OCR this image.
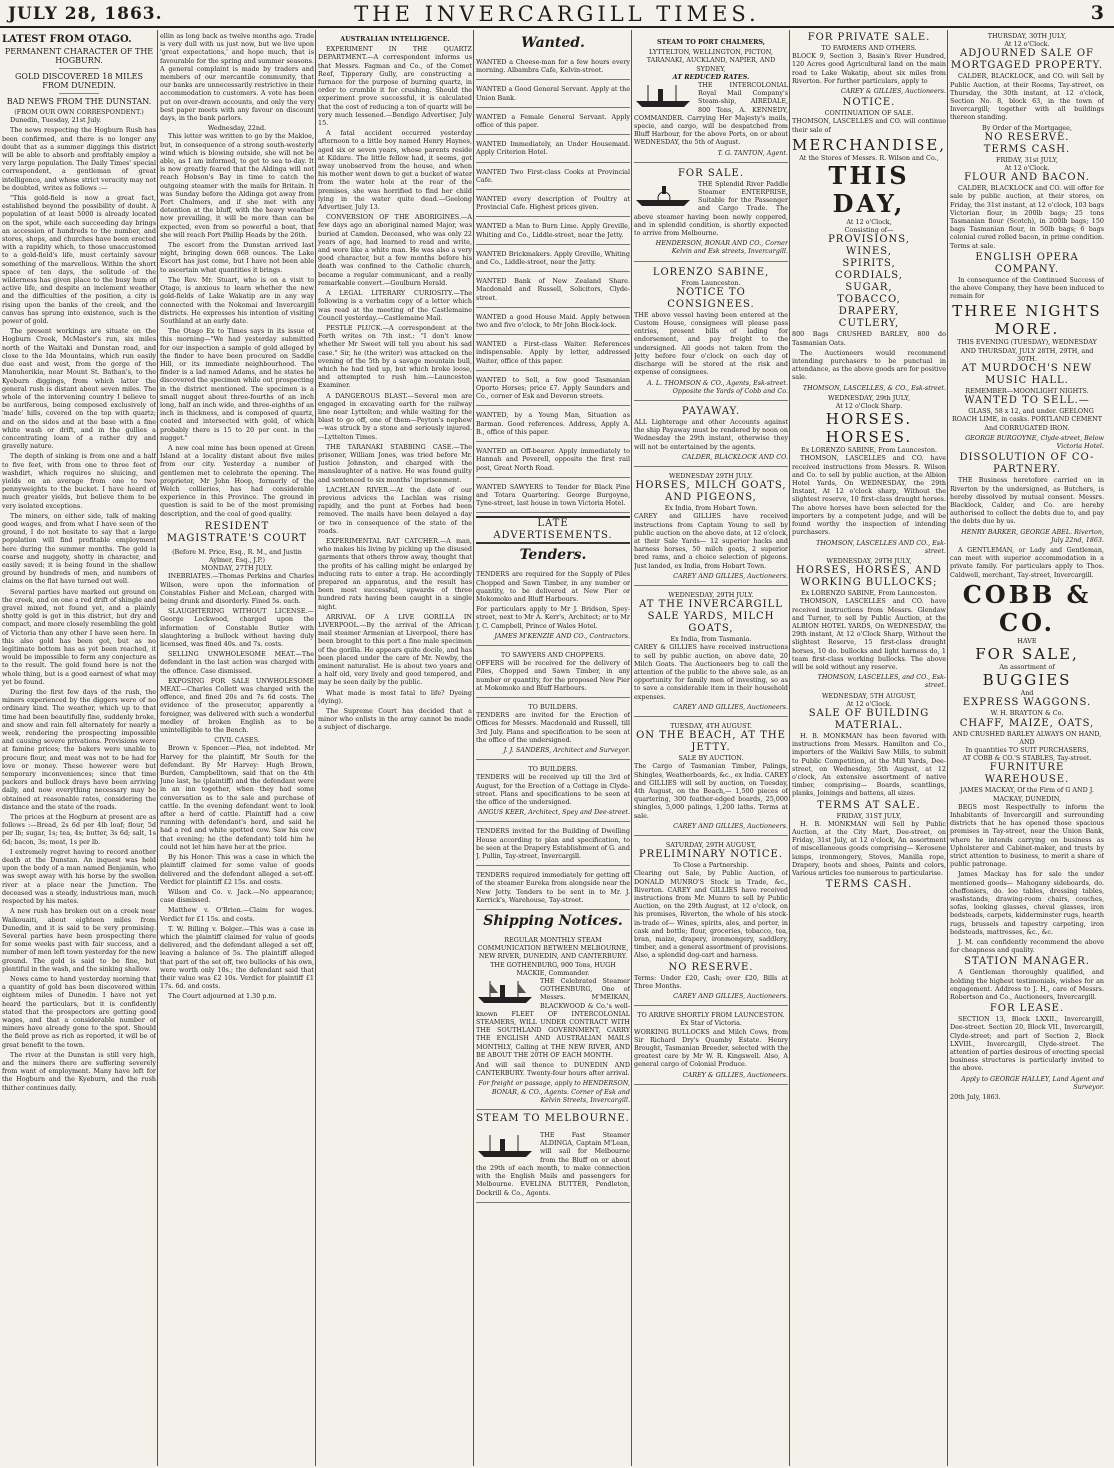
JULY 28, 1863.	THE INVERCARGILL TIMES.	3
LATEST FROM OTAGO.
PERMANENT CHARACTER OF THE HOGBURN.
GOLD DISCOVERED 18 MILES FROM DUNEDIN.
BAD NEWS FROM THE DUNSTAN.
(FROM OUR OWN CORRESPONDENT.)

Dunedin, Tuesday, 21st July.

The news respecting the Hogburn Rush has been confirmed, and there is no longer any doubt that as a summer diggings this district will be able to absorb and profitably employ a very large population. The Daily Times' special correspondent, a gentleman of great intelligence, and whose strict veracity may not be doubted, writes as follows :—

"This gold-field is now a great fact, established beyond the possibility of doubt. A population of at least 5000 is already located on the spot, while each succeeding day brings an accession of hundreds to the number, and stores, shops, and churches have been erected with a rapidity which, to those unaccustomed to a gold-field's life, must certainly savour something of the marvellous. Within the short space of ten days, the solitude of the wilderness has given place to the busy hum of active life, and despite an inclement weather and the difficulties of the position, a city is rising upon the banks of the creek, and the canvas has sprung into existence, such is the power of gold.

The present workings are situate on the Hogburn Creek, McMaster's run, six miles north of the Waitaki and Dunstan road, and close to the Ida Mountains, which run easily due east and west, from the gorge of the Manuherikia, near Mount St. Bathan's, to the Kyeburn diggings, from which latter the general rush is distant about seven miles. The whole of the intervening country I believe to be auriferous, being composed exclusively of 'made' hills, covered on the top with quartz; and on the sides and at the base with a fine white wash or drift, and in the gullies a concentrating loam of a rather dry and gravelly nature.

The depth of sinking is from one and a half to five feet, with from one to three feet of washdirt, which requires no sluicing, and yields on an average from one to two pennyweights to the bucket. I have heard of much greater yields, but believe them to be very isolated exceptions.

The miners, on either side, talk of making good wages, and from what I have seen of the ground, I do not hesitate to say that a large population will find profitable employment here during the summer months. The gold is coarse and nuggety, shotty in character, and easily saved; it is being found in the shallow ground by hundreds of men, and numbers of claims on the flat have turned out well.

Several parties have marked out ground on the creek, and on one a red drift of shingle and gravel mixed, not found yet, and a plainly shotty gold is got in this district, but dry and compact, and more closely resembling the gold of Victoria than any other I have seen here. In this also gold has been got, but as no legitimate bottom has as yet been reached, it would be impossible to form any conjecture as to the result. The gold found here is not the whole thing, but is a good earnest of what may yet be found.

During the first few days of the rush, the miners experienced by the diggers were of no ordinary kind. The weather, which up to that time had been beautifully fine, suddenly broke, and snow and rain fell alternately for nearly a week, rendering the prospecting impossible and causing severe privations. Provisions were at famine prices; the bakers were unable to procure flour, and meat was not to be had for love or money. These however were but temporary inconveniences; since that time packers and bullock drays have been arriving daily, and now everything necessary may be obtained at reasonable rates, considering the distance and the state of the roads.

The prices at the Hogburn at present are as follows :—Bread, 2s 6d per 4lb loaf; flour, 5d per lb; sugar, 1s; tea, 4s; butter, 3s 6d; salt, 1s 6d; bacon, 3s; meat, 1s per lb.

I extremely regret having to record another death at the Dunstan. An inquest was held upon the body of a man named Benjamin, who was swept away with his horse by the swollen river at a place near the Junction. The deceased was a steady, industrious man, much respected by his mates.

A new rush has broken out on a creek near Waikouaiti, about eighteen miles from Dunedin, and it is said to be very promising. Several parties have been prospecting there for some weeks past with fair success, and a number of men left town yesterday for the new ground. The gold is said to be fine, but plentiful in the wash, and the sinking shallow.

News came to hand yesterday morning that a quantity of gold has been discovered within eighteen miles of Dunedin. I have not yet heard the particulars, but it is confidently stated that the prospectors are getting good wages, and that a considerable number of miners have already gone to the spot. Should the field prove as rich as reported, it will be of great benefit to the town.

The river at the Dunstan is still very high, and the miners there are suffering severely from want of employment. Many have left for the Hogburn and the Kyeburn, and the rush thither continues daily.

ellin as long back as twelve months ago. Trade is very dull with us just now, but we live upon 'great expectations,' and hope much, that is favourable for the spring and summer seasons. A general complaint is made by traders and members of our mercantile community, that our banks are unnecessarily restrictive in their accommodation to customers. A vote has been put on over-drawn accounts, and only the very best paper meets with any favour on discount days, in the bank parlors.

Wednesday, 22nd.

This letter was written to go by the Makloe, but, in consequence of a strong south-westerly wind which is blowing outside, she will not be able, as I am informed, to get to sea to-day. It is now greatly feared that the Aldinga will not reach Hobson's Bay in time to catch the outgoing steamer with the mails for Britain. It was Sunday before the Aldinga got away from Port Chalmers, and if she met with any detention at the bluff, with the heavy weather now prevailing, it will be more than can be expected, even from so powerful a boat, that she will reach Port Phillip Heads by the 26th.

The escort from the Dunstan arrived last night, bringing down 668 ounces. The Lake Escort has just come, but I have not been able to ascertain what quantities it brings.

The Rev. Mr. Stuart, who is on a visit to Otago, is anxious to learn whether the new gold-fields of Lake Wakatip are in any way connected with the Nokomai and Invercargill districts. He expresses his intention of visiting Southland at an early date.

The Otago Ex to Times says in its issue of this morning—"We had yesterday submitted for our inspection a sample of gold alleged by the finder to have been procured on Saddle Hill, or its immediate neighbourhood. The finder is a lad named Adams, and he states he discovered the specimen while out prospecting in the district mentioned. The specimen is a small nugget about three-fourths of an inch long, half an inch wide, and three-eighths of an inch in thickness, and is composed of quartz, coated and intersected with gold, of which probably there is 15 to 20 per cent. in the nugget."

A new coal mine has been opened at Green Island at a locality distant about five miles from our city. Yesterday a number of gentlemen met to celebrate the opening. The proprietor, Mr John Hoop, formerly of the Welch collieries, has had considerable experience in this Province. The ground in question is said to be of the most promising description, and the coal of good quality.

RESIDENT MAGISTRATE'S COURT
(Before M. Price, Esq., R. M., and Justin Aylmer, Esq., J.P.)
MONDAY, 27TH JULY.

INEBRIATES.—Thomas Perkins and Charles Wilson, were upon the information of Constables Fisher and McLean, charged with being drunk and disorderly. Fined 5s. each.

SLAUGHTERING WITHOUT LICENSE.—George Lockwood, charged upon the information of Constable Butler with slaughtering a bullock without having duly licensed, was fined 40s. and 7s. costs.

SELLING UNWHOLESOME MEAT.—The defendant in the last action was charged with the offence. Case dismissed.

EXPOSING FOR SALE UNWHOLESOME MEAT.—Charles Collett was charged with the offence, and fined 20s and 7s 6d costs. The evidence of the prosecutor, apparently a foreigner, was delivered with such a wonderful medley of broken English as to be unintelligible to the Bench.

CIVIL CASES.

Brown v. Spencer.—Plea, not indebted. Mr Harvey for the plaintiff, Mr South for the defendant. By Mr Harvey: Hugh Brown, Burden, Campbelltown, said that on the 4th June last, he (plaintiff) and the defendant were in an inn together, when they had some conversation as to the sale and purchase of cattle. In the evening defendant went to look after a herd of cattle. Plaintiff had a cow running with defendant's herd, and said he had a red and white spotted cow. Saw his cow that evening; he (the defendant) told him he could not let him have her at the price.

By his Honor: This was a case in which the plaintiff claimed for some value of goods delivered and the defendant alleged a set-off. Verdict for plaintiff £2 15s. and costs.

Wilson and Co. v. Jack.—No appearance; case dismissed.

Matthew v. O'Brien.—Claim for wages. Verdict for £1 15s. and costs.

T. W. Billing v. Bolger.—This was a case in which the plaintiff claimed for value of goods delivered, and the defendant alleged a set off, leaving a balance of 5s. The plaintiff alleged that part of the set off, two bullocks of his own, were worth only 10s.; the defendant said that their value was £2 10s. Verdict for plaintiff £1 17s. 6d. and costs.

The Court adjourned at 1.30 p.m.

AUSTRALIAN INTELLIGENCE.

EXPERIMENT IN THE QUARTZ DEPARTMENT.—A correspondent informs us that Messrs. Fagman and Co., of the Comet Reef, Tipperary Gully, are constructing a furnace for the purpose of burning quartz, in order to crumble it for crushing. Should the experiment prove successful, it is calculated that the cost of reducing a ton of quartz will be very much lessened.—Bendigo Advertiser, July 15.

A fatal accident occurred yesterday afternoon to a little boy named Henry Haynes, aged six or seven years, whose parents reside at Kildare. The little fellow had, it seems, got away unobserved from the house, and when his mother went down to get a bucket of water from the water hole at the rear of the premises, she was horrified to find her child lying in the water quite dead.—Geelong Advertiser, July 13.

CONVERSION OF THE ABORIGINES.—A few days ago an aboriginal named Major, was buried at Camden. Deceased, who was only 22 years of age, had learned to read and write, and wore like a white man. He was also a very good character, but a few months before his death was confined to the Catholic church, became a regular communicant, and a really remarkable convert.—Goulburn Herald.

A LEGAL LITERARY CURIOSITY.—The following is a verbatim copy of a letter which was read at the meeting of the Castlemaine Council yesterday.—Castlemaine Mail.

PESTLE PLUCK.—A correspondent at the Forth writes on 7th inst.: "I don't know whether Mr Sweet will tell you about his sad case." Sir, he (the writer) was attacked on the evening of the 5th by a savage mountain bull, which he had tied up, but which broke loose, and attempted to rush him.—Launceston Examiner.

A DANGEROUS BLAST.—Several men are engaged in excavating earth for the railway line near Lyttelton; and while waiting for the blast to go off, one of them—Peyton's nephew—was struck by a stone and seriously injured.—Lyttelton Times.

THE TARANAKI STABBING CASE.—The prisoner, William Jones, was tried before Mr. Justice Johnston, and charged with the manslaughter of a native. He was found guilty and sentenced to six months' imprisonment.

LACHLAN RIVER.—At the date of our previous advices the Lachlan was rising rapidly, and the punt at Forbes had been removed. The mails have been delayed a day or two in consequence of the state of the roads.

EXPERIMENTAL RAT CATCHER.—A man, who makes his living by picking up the disused garments that others throw away, thought that the profits of his calling might be enlarged by inducing rats to enter a trap. He accordingly prepared an apparatus, and the result has been most successful, upwards of three hundred rats having been caught in a single night.

ARRIVAL OF A LIVE GORILLA IN LIVERPOOL.—By the arrival of the African mail steamer Armenian at Liverpool, there has been brought to this port a fine male specimen of the gorilla. He appears quite docile, and has been placed under the care of Mr. Newby, the eminent naturalist. He is about two years and a half old, very lively and good tempered, and may be seen daily by the public.

What made is most fatal to life? Dyeing (dying).

The Supreme Court has decided that a minor who enlists in the army cannot be made a subject of discharge.

Wanted.

WANTED a Cheese-man for a few hours every morning. Albambra Cafe, Kelvin-street.

WANTED a Good General Servant. Apply at the Union Bank.

WANTED a Female General Servant. Apply office of this paper.

WANTED Immediately, an Under Housemaid. Apply Criterion Hotel.

WANTED Two First-class Cooks at Provincial Cafe.

WANTED every description of Poultry at Provincial Cafe. Highest prices given.

WANTED a Man to Burn Lime. Apply Greville, Whiting and Co., Liddle-street, near the Jetty.

WANTED Brickmakers. Apply Greville, Whiting and Co., Liddle-street, near the Jetty.

WANTED Bank of New Zealand Share. Macdonald and Russell, Solicitors, Clyde-street.

WANTED a good House Maid. Apply between two and five o'clock, to Mr John Block-lock.

WANTED a First-class Waiter. References indispensable. Apply by letter, addressed Waiter, office of this paper.

WANTED to Sell, a few good Tasmanian Oporto Horses; price £7. Apply Saunders and Co., corner of Esk and Deveron streets.

WANTED, by a Young Man, Situation as Barman. Good references. Address, Apply A. B., office of this paper.

WANTED an Off-bearer. Apply immediately to Hannah and Peverell, opposite the first rail post, Great North Road.

WANTED SAWYERS to Tender for Black Pine and Totara Quartering. George Burgoyne, Tyne-street, last house in town Victoria Hotel.

LATE ADVERTISEMENTS.
Tenders.

TENDERS are required for the Supply of Piles Chopped and Sawn Timber, in any number or quantity, to be delivered at New Pier or Mokomoko and Bluff Harbours.

For particulars apply to Mr J. Bridson, Spey-street, next to Mr A. Kerr's, Architect; or to Mr J. C. Campbell, Prince of Wales Hotel.

JAMES M'KENZIE AND CO., Contractors.

TO SAWYERS AND CHOPPERS.

OFFERS will be received for the delivery of Piles, Chopped and Sawn Timber, in any number or quantity, for the proposed New Pier at Mokomoko and Bluff Harbours.

TO BUILDERS.

TENDERS are invited for the Erection of Offices for Messrs. Macdonald and Russell, till 3rd July. Plans and specification to be seen at the office of the undersigned.

J. J. SANDERS, Architect and Surveyor.

TO BUILDERS.

TENDERS will be received up till the 3rd of August, for the Erection of a Cottage in Clyde-street. Plans and specifications to be seen at the office of the undersigned.

ANGUS KEER, Architect, Spey and Dee-street.

TENDERS invited for the Building of Dwelling House according to plan and specification, to be seen at the Drapery Establishment of G. and J. Pullin, Tay-street, Invercargill.

TENDERS required immediately for getting off of the steamer Eureka from alongside near the New Jetty. Tenders to be sent in to Mr. J. Kerrick's, Warehouse, Tay-street.

Shipping Notices.
REGULAR MONTHLY STEAM COMMUNICATION BETWEEN MELBOURNE, NEW RIVER, DUNEDIN, AND CANTERBURY.
THE GOTHENBURG, 900 Tons, HUGH MACKIE, Commander.

THE Celebrated Steamer GOTHENBURG, One of Messrs. M'MEIKAN, BLACKWOOD & Co.'s well-known FLEET OF INTERCOLONIAL STEAMERS, WILL UNDER CONTRACT WITH THE SOUTHLAND GOVERNMENT, CARRY THE ENGLISH AND AUSTRALIAN MAILS MONTHLY, Calling at THE NEW RIVER, AND BE ABOUT THE 20TH OF EACH MONTH.

And will sail thence to DUNEDIN AND CANTERBURY. Twenty-four hours after arrival.

For freight or passage, apply to HENDERSON, BONAR, & CO., Agents. Corner of Esk and Kelvin Streets, Invercargill.

STEAM TO MELBOURNE.

THE Fast Steamer ALDINGA, Captain M'Lean, will sail for Melbourne from the Bluff on or about the 29th of each month, to make connection with the English Mails and passengers for Melbourne. EVELINA BUTTER, Pendleton, Dockrill & Co., Agents.

STEAM TO PORT CHALMERS,
LYTTELTON, WELLINGTON, PICTON, TARANAKI, AUCKLAND, NAPIER, AND SYDNEY,
AT REDUCED RATES.

THE INTERCOLONIAL Royal Mail Company's Steam-ship, AIREDALE, 800 Tons, A. KENNEDY, COMMANDER. Carrying Her Majesty's mails, specie, and cargo, will be despatched from Bluff Harbour, for the above Ports, on or about WEDNESDAY, the 5th of August.

T. G. TANTON, Agent.

FOR SALE.

THE Splendid River Paddle Steamer ENTERPRISE, Suitable for the Passenger and Cargo Trade. The above steamer having been newly coppered, and in splendid condition, is shortly expected to arrive from Melbourne.

HENDERSON, BONAR AND CO., Corner Kelvin and Esk streets, Invercargill.

LORENZO SABINE,
From Launceston.
NOTICE TO CONSIGNEES.

THE above vessel having been entered at the Custom House, consignees will please pass entries, present bills of lading for endorsement, and pay freight to the undersigned. All goods not taken from the Jetty before four o'clock on each day of discharge will be stored at the risk and expense of consignees.

A. L. THOMSON & CO., Agents, Esk-street. Opposite the Yards of Cobb and Co.

PAYAWAY.

ALL Lighterage and other Accounts against the ship Payaway must be rendered by noon on Wednesday the 29th instant, otherwise they will not be entertained by the agents.

CALDER, BLACKLOCK AND CO.

WEDNESDAY 29TH JULY.
HORSES, MILCH GOATS, AND PIGEONS,
Ex India, from Hobart Town.

CAREY and GILLIES have received instructions from Captain Young to sell by public auction on the above date, at 12 o'clock, at their Sale Yards— 12 superior hacks and harness horses, 50 milch goats, 2 superior bred rams, and a choice selection of pigeons. Just landed, ex India, from Hobart Town.

CAREY AND GILLIES, Auctioneers.

WEDNESDAY, 29TH JULY.
AT THE INVERCARGILL SALE YARDS, MILCH GOATS,
Ex India, from Tasmania.

CAREY & GILLIES have received instructions to sell by public auction, on above date, 20 Milch Goats. The Auctioneers beg to call the attention of the public to the above sale, as an opportunity for family men of investing, so as to save a considerable item in their household expenses.

CAREY AND GILLIES, Auctioneers.

TUESDAY, 4TH AUGUST.
ON THE BEACH, AT THE JETTY.
SALE BY AUCTION.

The Cargo of Tasmanian Timber, Palings, Shingles, Weatherboards, &c., ex India. CAREY and GILLIES will sell by auction, on Tuesday, 4th August, on the Beach,— 1,500 pieces of quartering, 300 feather-edged boards, 25,000 shingles, 5,000 palings, 1,200 laths. Terms at sale.

CAREY AND GILLIES, Auctioneers.

SATURDAY, 29TH AUGUST,
PRELIMINARY NOTICE.
To Close a Partnership.

Clearing out Sale, by Public Auction, of DONALD MUNRO'S Stock in Trade, &c., Riverton. CAREY and GILLIES have received instructions from Mr. Munro to sell by Public Auction, on the 29th August, at 12 o'clock, on his premises, Riverton, the whole of his stock-in-trade of— Wines, spirits, ales, and porter, in cask and bottle; flour, groceries, tobacco, tea, bran, maize, drapery, ironmongery, saddlery, timber, and a general assortment of provisions. Also, a splendid dog-cart and harness.

NO RESERVE.

Terms: Under £20, Cash; over £20, Bills at Three Months.

CAREY AND GILLIES, Auctioneers.

TO ARRIVE SHORTLY FROM LAUNCESTON.
Ex Star of Victoria.

WORKING BULLOCKS and Milch Cows, from Sir Richard Dry's Quamby Estate. Henry Brought, Tasmanian Breeder, selected with the greatest care by Mr W. R. Kingswell. Also, A general cargo of Colonial Produce.

CAREY & GILLIES, Auctioneers.

FOR PRIVATE SALE.
TO FARMERS AND OTHERS.

BLOCK 9, Section 3, Basin's River Hundred, 120 Acres good Agricultural land on the main road to Lake Wakatip, about six miles from Riverton. For further particulars, apply to

CAREY & GILLIES, Auctioneers.

NOTICE.
CONTINUATION OF SALE.

THOMSON, LASCELLES and CO. will continue their sale of

MERCHANDISE,
At the Stores of Messrs. R. Wilson and Co.,
THIS DAY,
At 12 o'Clock,
Consisting of—
PROVISIONS,
WINES,
SPIRITS,
CORDIALS,
SUGAR,
TOBACCO,
DRAPERY,
CUTLERY,

800 Bags CRUSHED BARLEY, 800 do Tasmanian Oats.

The Auctioneers would recommend intending purchasers to be punctual in attendance, as the above goods are for positive sale.

THOMSON, LASCELLES, & CO., Esk-street.

WEDNESDAY, 29th JULY,
At 12 o'Clock Sharp.
HORSES. HORSES.
Ex LORENZO SABINE, From Launceston.

THOMSON, LASCELLES and CO. have received instructions from Messrs. R. Wilson and Co. to sell by public auction, at the Albion Hotel Yards, On WEDNESDAY, the 29th Instant, At 12 o'clock sharp, Without the slightest reserve, 10 first-class draught horses. The above horses have been selected for the importers by a competent judge, and will be found worthy the inspection of intending purchasers.

THOMSON, LASCELLES AND CO., Esk-street.

WEDNESDAY, 29TH JULY,
HORSES, HORSES, AND WORKING BULLOCKS;
Ex LORENZO SABINE, From Launceston.

THOMSON, LASCELLES and CO. have received instructions from Messrs. Glendaw and Turner, to sell by Public Auction, at the ALBION HOTEL YARDS, On WEDNESDAY, the 29th instant, At 12 o'Clock Sharp, Without the slightest Reserve, 15 first-class draught horses, 10 do. bullocks and light harness do, 1 team first-class working bullocks. The above will be sold without any reserve.

THOMSON, LASCELLES, and CO., Esk-street.

WEDNESDAY, 5TH AUGUST,
At 12 o'Clock.
SALE OF BUILDING MATERIAL.

H. B. MONKMAN has been favored with instructions from Messrs. Hamilton and Co., importers of the Waikivi Saw Mills, to submit to Public Competition, at the Mill Yards, Dee-street, on Wednesday, 5th August, at 12 o'clock, An extensive assortment of native timber, comprising— Boards, scantlings, planks, Joinings and battens, all sizes.

TERMS AT SALE.
FRIDAY, 31ST JULY,

H. B. MONKMAN will Sell by Public Auction, at the City Mart, Dee-street, on Friday, 31st July, at 12 o'clock, An assortment of miscellaneous goods comprising— Kerosene lamps, ironmongery, Stoves, Manilla rope, Drapery, boots and shoes, Paints and colors, Various articles too numerous to particularise.

TERMS CASH.
THURSDAY, 30TH JULY,
At 12 o'Clock.
ADJOURNED SALE OF MORTGAGED PROPERTY.

CALDER, BLACKLOCK, and CO. will Sell by Public Auction, at their Rooms, Tay-street, on Thursday, the 30th instant, at 12 o'clock, Section No. 8, block 63, in the town of Invercargill; together with all buildings thereon standing.

By Order of the Mortgagee,
NO RESERVE.
TERMS CASH.
FRIDAY, 31st JULY,
At 12 o'Clock.
FLOUR AND BACON.

CALDER, BLACKLOCK and CO. will offer for sale by public auction, at their stores, on Friday, the 31st instant, at 12 o'clock, 103 bags Victorian flour, in 200lb bags; 25 tons Tasmanian flour (Scotch), in 200lb bags; 150 bags Tasmanian flour, in 50lb bags; 6 bags colonial cured rolled bacon, in prime condition. Terms at sale.

ENGLISH OPERA COMPANY.

In consequence of the Continued Success of the above Company, they have been induced to remain for

THREE NIGHTS MORE.
THIS EVENING (TUESDAY), WEDNESDAY AND THURSDAY, JULY 28TH, 29TH, and 30TH.
AT MURDOCH'S NEW MUSIC HALL.
REMEMBER—MOONLIGHT NIGHTS.
WANTED TO SELL.—

GLASS, 58 x 12, and under. GEELONG ROACH LIME, in casks. PORTLAND CEMENT And CORRUGATED IRON.

GEORGE BURGOYNE, Clyde-street, Below Victoria Hotel.

DISSOLUTION OF CO-PARTNERY.

THE Business heretofore carried on in Riverton by the undersigned, as Butchers, is hereby dissolved by mutual consent. Messrs. Blacklock, Calder, and Co. are hereby authorised to collect the debts due to, and pay the debts due by us.

HENRY BARKER, GEORGE ABEL. Riverton, July 22nd, 1863.

A GENTLEMAN, or Lady and Gentleman, can meet with superior accommodation in a private family. For particulars apply to Thos. Caldwell, merchant, Tay-street, Invercargill.

COBB & CO.
HAVE
FOR SALE,
An assortment of
BUGGIES
And
EXPRESS WAGGONS.
W. H. BRAYTON & Co.
CHAFF, MAIZE, OATS,
AND CRUSHED BARLEY ALWAYS ON HAND, AND
In quantities TO SUIT PURCHASERS,
AT COBB & CO.'S STABLES, Tay-street.
FURNITURE WAREHOUSE.
JAMES MACKAY, Of the Firm of G AND J. MACKAY, DUNEDIN,

BEGS most Respectfully to inform the Inhabitants of Invercargill and surrounding districts that he has opened those spacious premises in Tay-street, near the Union Bank, where he intends carrying on business as Upholsterer and Cabinet-maker, and trusts by strict attention to business, to merit a share of public patronage.

James Mackay has for sale the under mentioned goods— Mahogany sideboards, do. cheffoniers, do. loo tables, dressing tables, washstands, drawing-room chairs, couches, sofas, looking glasses, cheval glasses, iron bedsteads, carpets, kidderminster rugs, hearth rugs, brussels and tapestry carpeting, iron bedsteads, mattresses, &c., &c.

J. M. can confidently recommend the above for cheapness and quality.

STATION MANAGER.

A Gentleman thoroughly qualified, and holding the highest testimonials, wishes for an engagement. Address to J. H., care of Messrs. Robertson and Co., Auctioneers, Invercargill.

FOR LEASE.

SECTION 13, Block LXXII., Invercargill, Dee-street. Section 20, Block VII., Invercargill, Clyde-street; and part of Section 2, Block LXVIII., Invercargill, Clyde-street. The attention of parties desirous of erecting special business structures is particularly invited to the above.

Apply to GEORGE HALLEY, Land Agent and Surveyor.

20th July, 1863.
